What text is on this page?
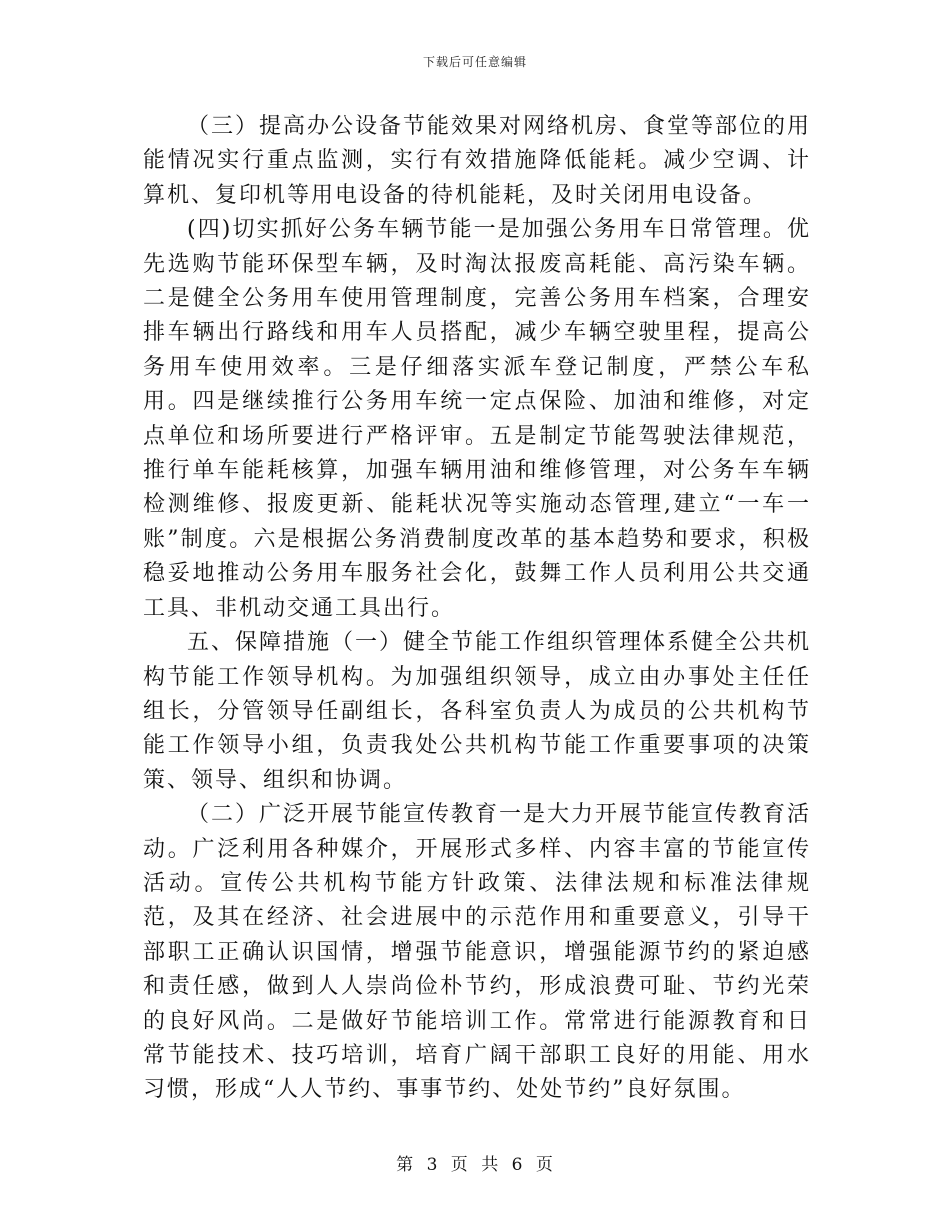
下载后可任意编辑

（三）提高办公设备节能效果对网络机房、食堂等部位的用能情况实行重点监测，实行有效措施降低能耗。减少空调、计算机、复印机等用电设备的待机能耗，及时关闭用电设备。

(四)切实抓好公务车辆节能一是加强公务用车日常管理。优先选购节能环保型车辆，及时淘汰报废高耗能、高污染车辆。二是健全公务用车使用管理制度，完善公务用车档案，合理安排车辆出行路线和用车人员搭配，减少车辆空驶里程，提高公务用车使用效率。三是仔细落实派车登记制度，严禁公车私用。四是继续推行公务用车统一定点保险、加油和维修，对定点单位和场所要进行严格评审。五是制定节能驾驶法律规范，推行单车能耗核算，加强车辆用油和维修管理，对公务车车辆检测维修、报废更新、能耗状况等实施动态管理,建立“一车一账”制度。六是根据公务消费制度改革的基本趋势和要求，积极稳妥地推动公务用车服务社会化，鼓舞工作人员利用公共交通工具、非机动交通工具出行。

五、保障措施（一）健全节能工作组织管理体系健全公共机构节能工作领导机构。为加强组织领导，成立由办事处主任任组长，分管领导任副组长，各科室负责人为成员的公共机构节能工作领导小组，负责我处公共机构节能工作重要事项的决策策、领导、组织和协调。

（二）广泛开展节能宣传教育一是大力开展节能宣传教育活动。广泛利用各种媒介，开展形式多样、内容丰富的节能宣传活动。宣传公共机构节能方针政策、法律法规和标准法律规范，及其在经济、社会进展中的示范作用和重要意义，引导干部职工正确认识国情，增强节能意识，增强能源节约的紧迫感和责任感，做到人人崇尚俭朴节约，形成浪费可耻、节约光荣的良好风尚。二是做好节能培训工作。常常进行能源教育和日常节能技术、技巧培训，培育广阔干部职工良好的用能、用水习惯，形成“人人节约、事事节约、处处节约”良好氛围。

第 3 页 共 6 页
